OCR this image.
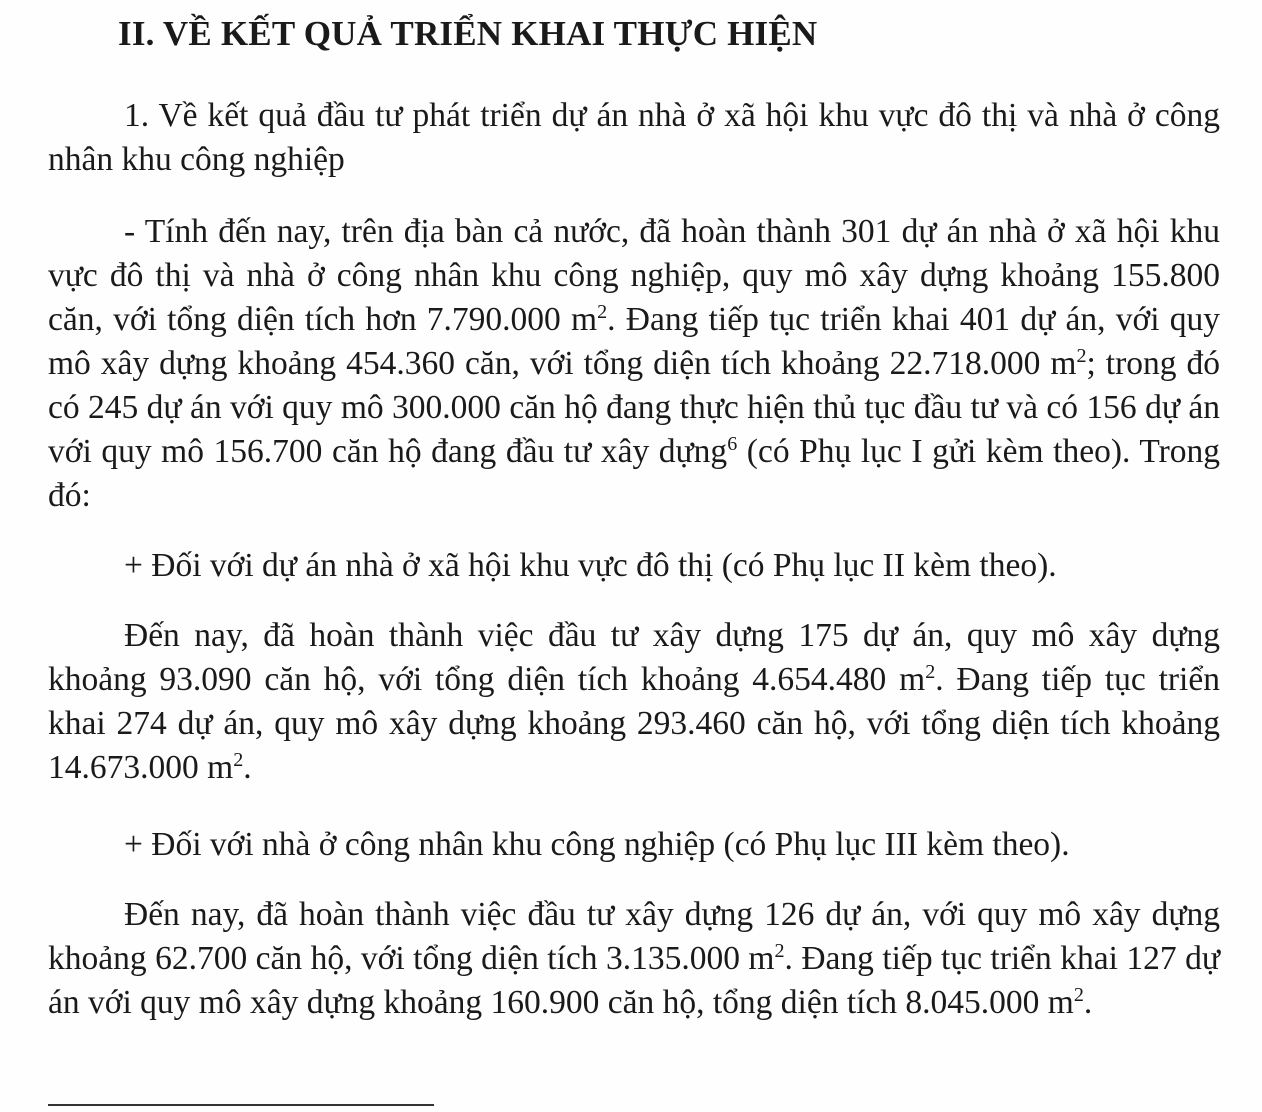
II. VỀ KẾT QUẢ TRIỂN KHAI THỰC HIỆN

1. Về kết quả đầu tư phát triển dự án nhà ở xã hội khu vực đô thị và nhà ở công nhân khu công nghiệp

- Tính đến nay, trên địa bàn cả nước, đã hoàn thành 301 dự án nhà ở xã hội khu vực đô thị và nhà ở công nhân khu công nghiệp, quy mô xây dựng khoảng 155.800 căn, với tổng diện tích hơn 7.790.000 $m^2$. Đang tiếp tục triển khai 401 dự án, với quy mô xây dựng khoảng 454.360 căn, với tổng diện tích khoảng 22.718.000 $m^2$; trong đó có 245 dự án với quy mô 300.000 căn hộ đang thực hiện thủ tục đầu tư và có 156 dự án với quy mô 156.700 căn hộ đang đầu tư xây dựng$^6$ (có Phụ lục I gửi kèm theo). Trong đó:

+ Đối với dự án nhà ở xã hội khu vực đô thị (có Phụ lục II kèm theo).

Đến nay, đã hoàn thành việc đầu tư xây dựng 175 dự án, quy mô xây dựng khoảng 93.090 căn hộ, với tổng diện tích khoảng 4.654.480 $m^2$. Đang tiếp tục triển khai 274 dự án, quy mô xây dựng khoảng 293.460 căn hộ, với tổng diện tích khoảng 14.673.000 $m^2$.

+ Đối với nhà ở công nhân khu công nghiệp (có Phụ lục III kèm theo).

Đến nay, đã hoàn thành việc đầu tư xây dựng 126 dự án, với quy mô xây dựng khoảng 62.700 căn hộ, với tổng diện tích 3.135.000 $m^2$. Đang tiếp tục triển khai 127 dự án với quy mô xây dựng khoảng 160.900 căn hộ, tổng diện tích 8.045.000 $m^2$.
